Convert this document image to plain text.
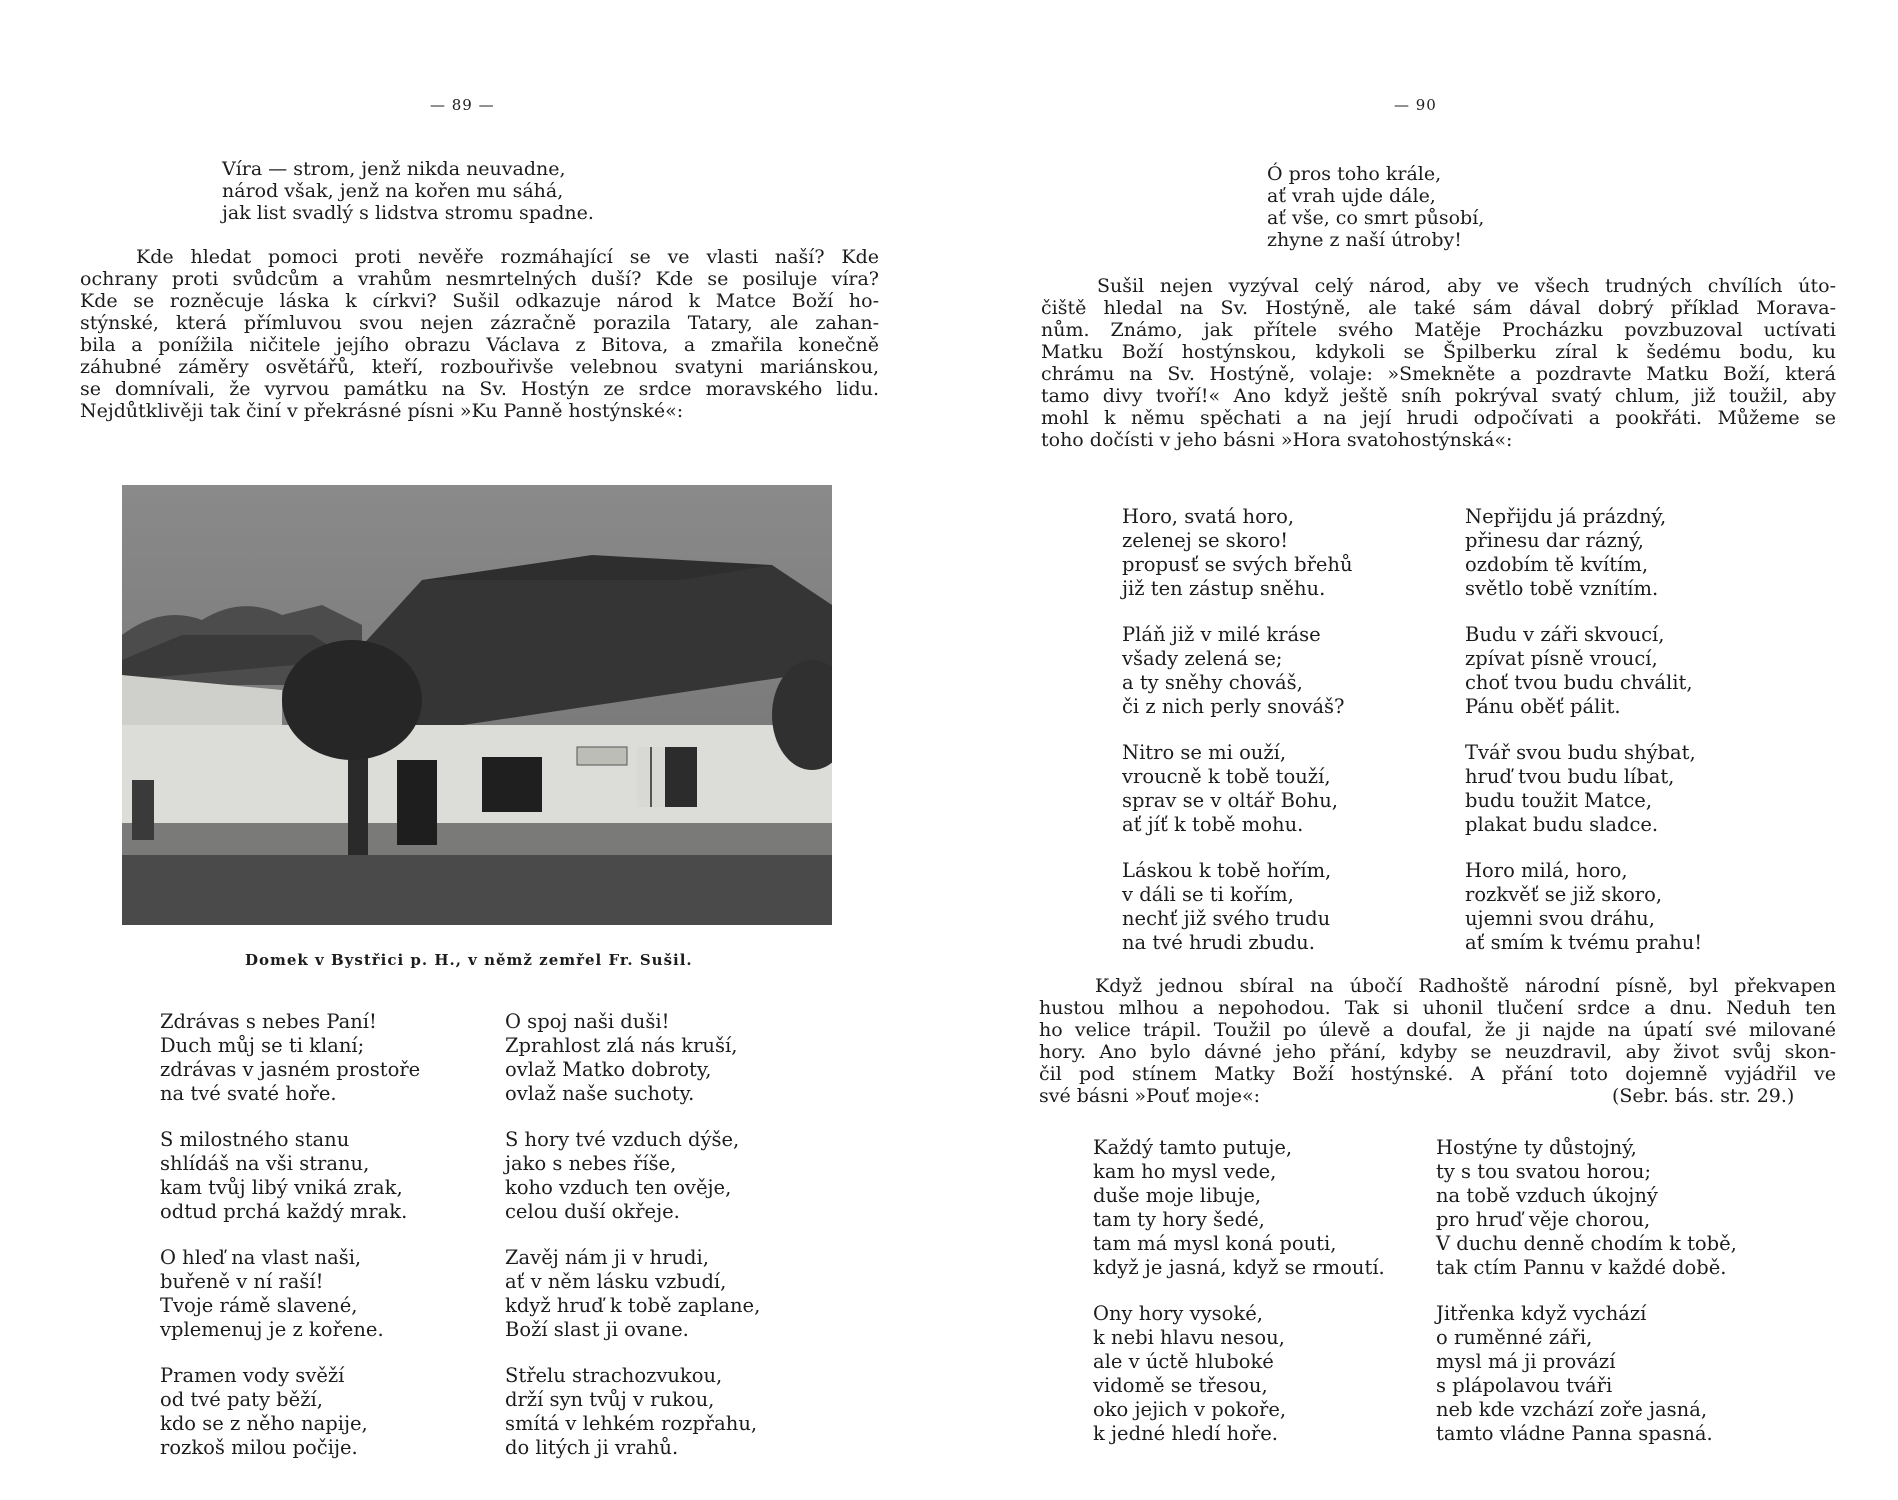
— 89 —
Víra — strom, jenž nikda neuvadne,
národ však, jenž na kořen mu sáhá,
jak list svadlý s lidstva stromu spadne.
Kde hledat pomoci proti nevěře rozmáhající se ve vlasti naší? Kde
ochrany proti svůdcům a vrahům nesmrtelných duší? Kde se posiluje víra?
Kde se rozněcuje láska k církvi? Sušil odkazuje národ k Matce Boží ho-
stýnské, která přímluvou svou nejen zázračně porazila Tatary, ale zahan-
bila a ponížila ničitele jejího obrazu Václava z Bitova, a zmařila konečně
záhubné záměry osvětářů, kteří, rozbouřivše velebnou svatyni mariánskou,
se domnívali, že vyrvou památku na Sv. Hostýn ze srdce moravského lidu.
Nejdůtklivěji tak činí v překrásné písni »Ku Panně hostýnské«:
Domek v Bystřici p. H., v němž zemřel Fr. Sušil.
Zdrávas s nebes Paní!
Duch můj se ti klaní;
zdrávas v jasném prostoře
na tvé svaté hoře.
S milostného stanu
shlídáš na vši stranu,
kam tvůj libý vniká zrak,
odtud prchá každý mrak.
O hleď na vlast naši,
buřeně v ní raší!
Tvoje rámě slavené,
vplemenuj je z kořene.
Pramen vody svěží
od tvé paty běží,
kdo se z něho napije,
rozkoš milou počije.
O spoj naši duši!
Zprahlost zlá nás kruší,
ovlaž Matko dobroty,
ovlaž naše suchoty.
S hory tvé vzduch dýše,
jako s nebes říše,
koho vzduch ten ověje,
celou duší okřeje.
Zavěj nám ji v hrudi,
ať v něm lásku vzbudí,
když hruď k tobě zaplane,
Boží slast ji ovane.
Střelu strachozvukou,
drží syn tvůj v rukou,
smítá v lehkém rozpřahu,
do litých ji vrahů.
— 90
Ó pros toho krále,
ať vrah ujde dále,
ať vše, co smrt působí,
zhyne z naší útroby!
Sušil nejen vyzýval celý národ, aby ve všech trudných chvílích úto-
čiště hledal na Sv. Hostýně, ale také sám dával dobrý příklad Morava-
nům. Známo, jak přítele svého Matěje Procházku povzbuzoval uctívati
Matku Boží hostýnskou, kdykoli se Špilberku zíral k šedému bodu, ku
chrámu na Sv. Hostýně, volaje: »Smekněte a pozdravte Matku Boží, která
tamo divy tvoří!« Ano když ještě sníh pokrýval svatý chlum, již toužil, aby
mohl k němu spěchati a na její hrudi odpočívati a pookřáti. Můžeme se
toho dočísti v jeho básni »Hora svatohostýnská«:
Horo, svatá horo,
zelenej se skoro!
propusť se svých břehů
již ten zástup sněhu.
Pláň již v milé kráse
všady zelená se;
a ty sněhy chováš,
či z nich perly snováš?
Nitro se mi ouží,
vroucně k tobě touží,
sprav se v oltář Bohu,
ať jíť k tobě mohu.
Láskou k tobě hořím,
v dáli se ti kořím,
nechť již svého trudu
na tvé hrudi zbudu.
Nepřijdu já prázdný,
přinesu dar rázný,
ozdobím tě kvítím,
světlo tobě vznítím.
Budu v záři skvoucí,
zpívat písně vroucí,
choť tvou budu chválit,
Pánu oběť pálit.
Tvář svou budu shýbat,
hruď tvou budu líbat,
budu toužit Matce,
plakat budu sladce.
Horo milá, horo,
rozkvěť se již skoro,
ujemni svou dráhu,
ať smím k tvému prahu!
Když jednou sbíral na úbočí Radhoště národní písně, byl překvapen
hustou mlhou a nepohodou. Tak si uhonil tlučení srdce a dnu. Neduh ten
ho velice trápil. Toužil po úlevě a doufal, že ji najde na úpatí své milované
hory. Ano bylo dávné jeho přání, kdyby se neuzdravil, aby život svůj skon-
čil pod stínem Matky Boží hostýnské. A přání toto dojemně vyjádřil ve
své básni »Pouť moje«:	(Sebr. bás. str. 29.)
Každý tamto putuje,
kam ho mysl vede,
duše moje libuje,
tam ty hory šedé,
tam má mysl koná pouti,
když je jasná, když se rmoutí.
Ony hory vysoké,
k nebi hlavu nesou,
ale v úctě hluboké
vidomě se třesou,
oko jejich v pokoře,
k jedné hledí hoře.
Hostýne ty důstojný,
ty s tou svatou horou;
na tobě vzduch úkojný
pro hruď věje chorou,
V duchu denně chodím k tobě,
tak ctím Pannu v každé době.
Jitřenka když vychází
o ruměnné záři,
mysl má ji provází
s plápolavou tváři
neb kde vzchází zoře jasná,
tamto vládne Panna spasná.
